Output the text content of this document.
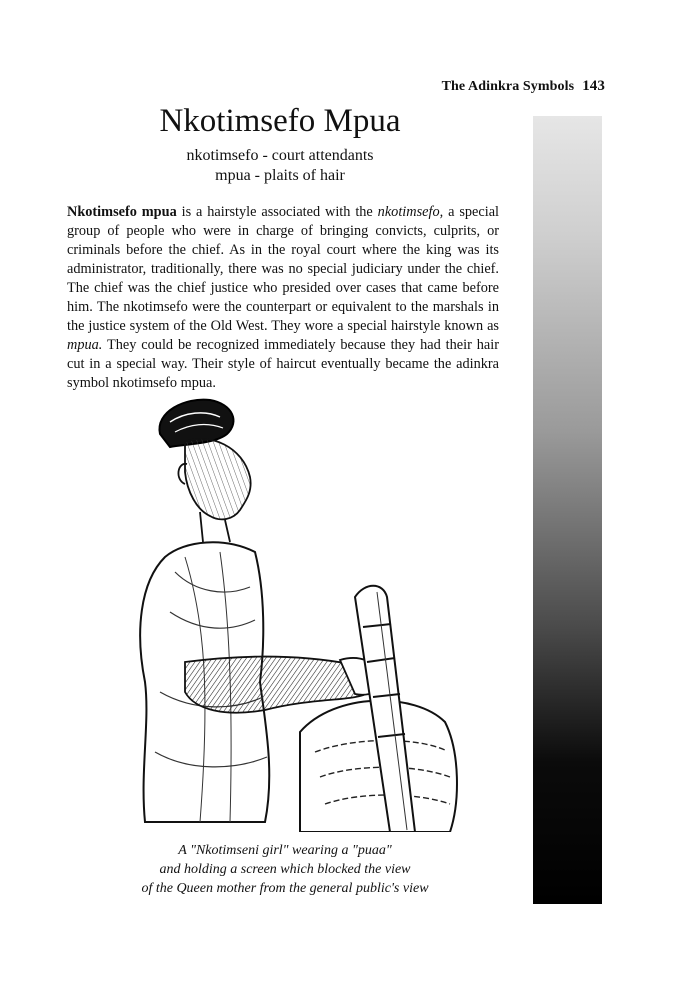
The Adinkra Symbols 143
Nkotimsefo Mpua
nkotimsefo - court attendants
mpua - plaits of hair

Nkotimsefo mpua is a hairstyle associated with the nkotimsefo, a special group of people who were in charge of bringing convicts, culprits, or criminals before the chief. As in the royal court where the king was its administrator, traditionally, there was no special judiciary under the chief. The chief was the chief justice who presided over cases that came before him. The nkotimsefo were the counterpart or equivalent to the marshals in the justice system of the Old West. They wore a special hairstyle known as mpua. They could be recognized immediately because they had their hair cut in a special way. Their style of haircut eventually became the adinkra symbol nkotimsefo mpua.

A "Nkotimseni girl" wearing a "puaa"
and holding a screen which blocked the view
of the Queen mother from the general public's view
